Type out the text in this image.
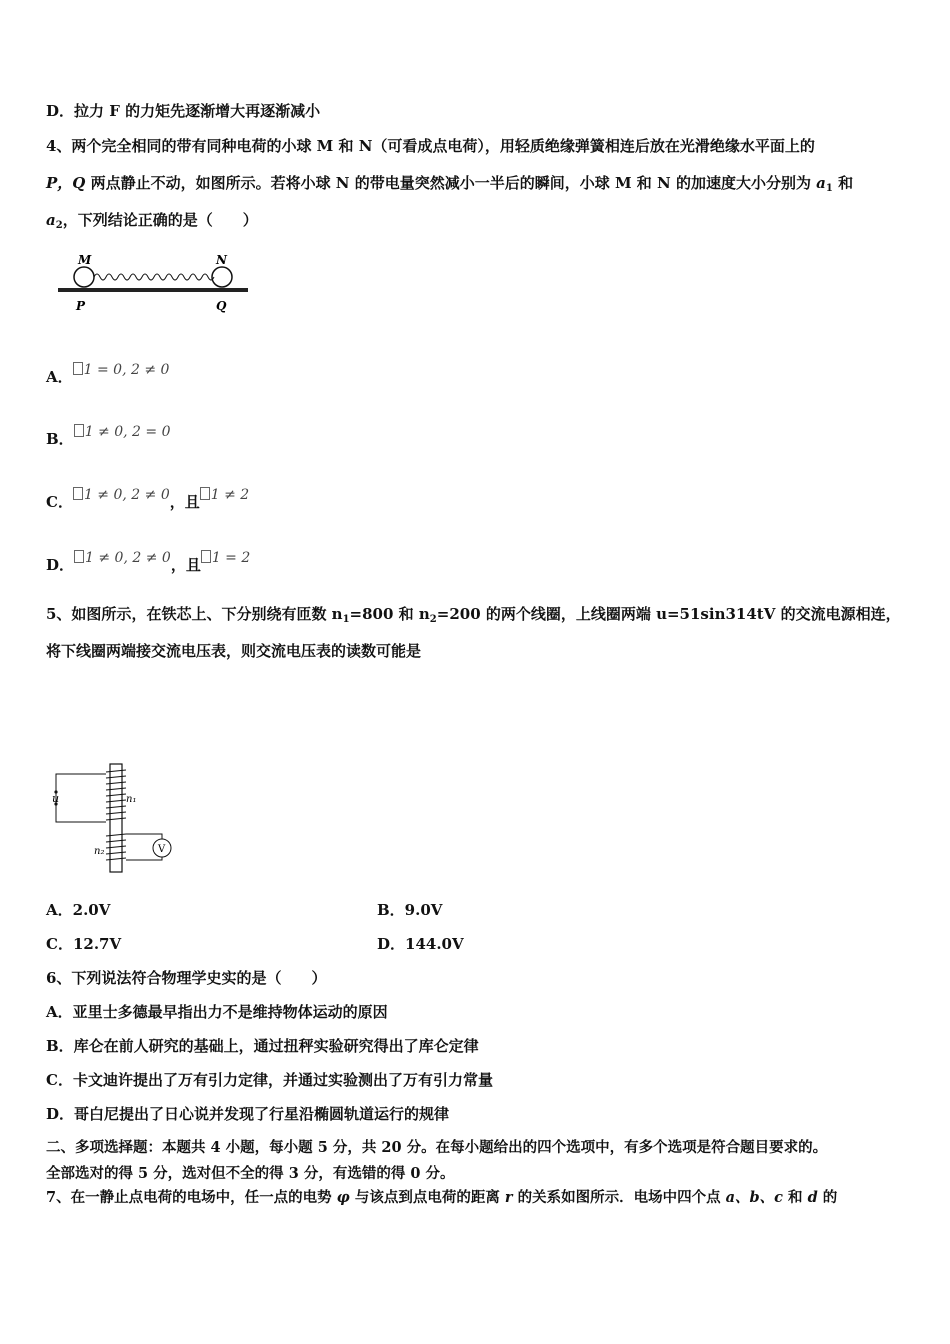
D．拉力 F 的力矩先逐渐增大再逐渐减小
4、两个完全相同的带有同种电荷的小球 M 和 N（可看成点电荷），用轻质绝缘弹簧相连后放在光滑绝缘水平面上的
P，Q 两点静止不动，如图所示。若将小球 N 的带电量突然减小一半后的瞬间，小球 M 和 N 的加速度大小分别为 $a_1$ 和
$a_2$，下列结论正确的是（　　）
M	N
P	Q
A． 1 = 0, 2 ≠ 0
B． 1 ≠ 0, 2 = 0
C． 1 ≠ 0, 2 ≠ 0，且 1 ≠ 2
D． 1 ≠ 0, 2 ≠ 0，且 1 = 2
5、如图所示，在铁芯上、下分别绕有匝数 $n_1=800$ 和 $n_2=200$ 的两个线圈，上线圈两端 u=51sin314tV 的交流电源相连，
将下线圈两端接交流电压表，则交流电压表的读数可能是
u	n₁
n₂	V
A．2.0V	B．9.0V
C．12.7V	D．144.0V
6、下列说法符合物理学史实的是（　　）
A．亚里士多德最早指出力不是维持物体运动的原因
B．库仑在前人研究的基础上，通过扭秤实验研究得出了库仑定律
C．卡文迪许提出了万有引力定律，并通过实验测出了万有引力常量
D．哥白尼提出了日心说并发现了行星沿椭圆轨道运行的规律
二、多项选择题：本题共 4 小题，每小题 5 分，共 20 分。在每小题给出的四个选项中，有多个选项是符合题目要求的。
全部选对的得 5 分，选对但不全的得 3 分，有选错的得 0 分。
7、在一静止点电荷的电场中，任一点的电势 φ 与该点到点电荷的距离 r 的关系如图所示．电场中四个点 a、b、c 和 d 的
